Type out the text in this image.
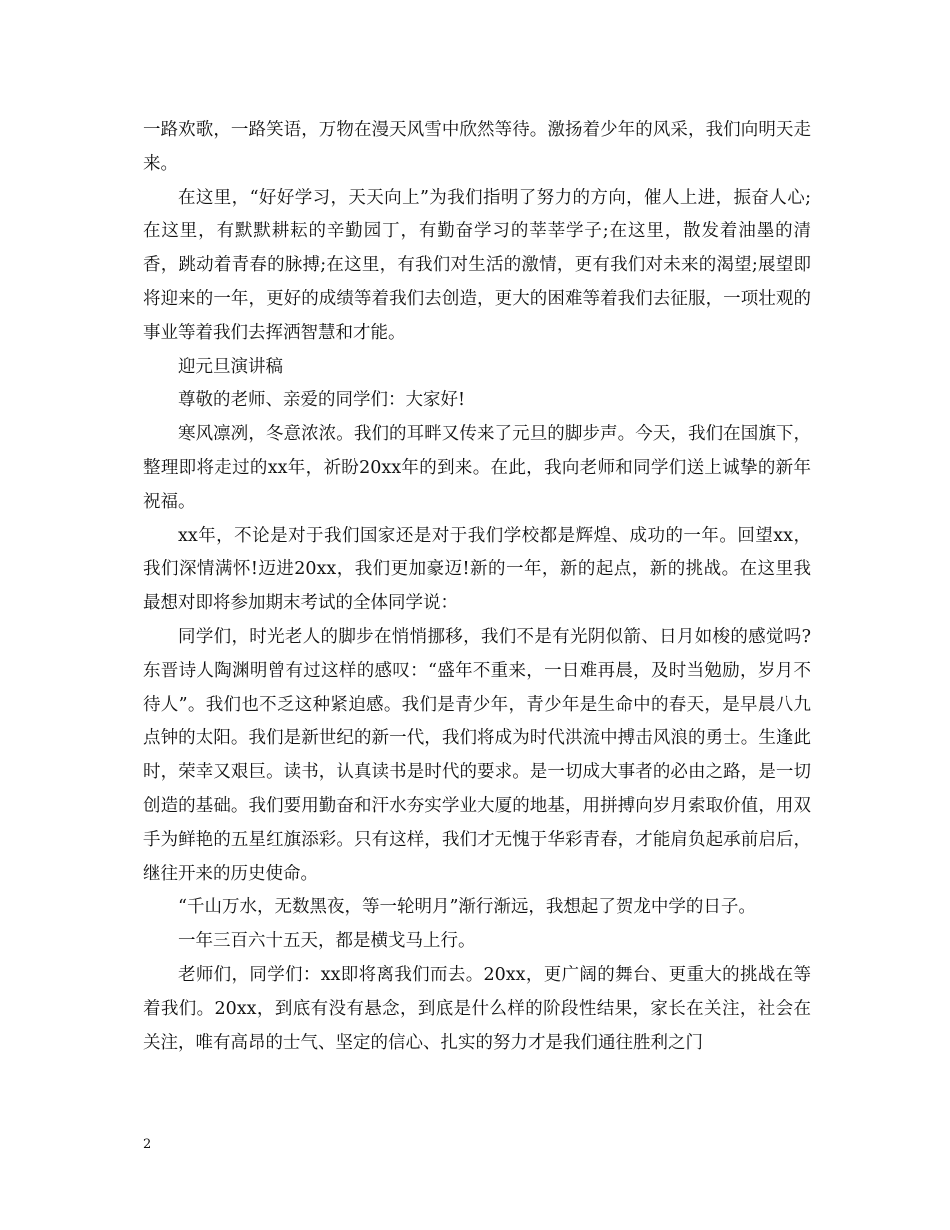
一路欢歌，一路笑语，万物在漫天风雪中欣然等待。激扬着少年的风采，我们向明天走来。

在这里，“好好学习，天天向上”为我们指明了努力的方向，催人上进，振奋人心;在这里，有默默耕耘的辛勤园丁，有勤奋学习的莘莘学子;在这里，散发着油墨的清香，跳动着青春的脉搏;在这里，有我们对生活的激情，更有我们对未来的渴望;展望即将迎来的一年，更好的成绩等着我们去创造，更大的困难等着我们去征服，一项壮观的事业等着我们去挥洒智慧和才能。

迎元旦演讲稿

尊敬的老师、亲爱的同学们：大家好!

寒风凛冽，冬意浓浓。我们的耳畔又传来了元旦的脚步声。今天，我们在国旗下，整理即将走过的xx年，祈盼20xx年的到来。在此，我向老师和同学们送上诚挚的新年祝福。

xx年，不论是对于我们国家还是对于我们学校都是辉煌、成功的一年。回望xx，我们深情满怀!迈进20xx，我们更加豪迈!新的一年，新的起点，新的挑战。在这里我最想对即将参加期末考试的全体同学说：

同学们，时光老人的脚步在悄悄挪移，我们不是有光阴似箭、日月如梭的感觉吗?东晋诗人陶渊明曾有过这样的感叹：“盛年不重来，一日难再晨，及时当勉励，岁月不待人”。我们也不乏这种紧迫感。我们是青少年，青少年是生命中的春天，是早晨八九点钟的太阳。我们是新世纪的新一代，我们将成为时代洪流中搏击风浪的勇士。生逢此时，荣幸又艰巨。读书，认真读书是时代的要求。是一切成大事者的必由之路，是一切创造的基础。我们要用勤奋和汗水夯实学业大厦的地基，用拼搏向岁月索取价值，用双手为鲜艳的五星红旗添彩。只有这样，我们才无愧于华彩青春，才能肩负起承前启后，继往开来的历史使命。

“千山万水，无数黑夜，等一轮明月”渐行渐远，我想起了贺龙中学的日子。

一年三百六十五天，都是横戈马上行。

老师们，同学们：xx即将离我们而去。20xx，更广阔的舞台、更重大的挑战在等着我们。20xx，到底有没有悬念，到底是什么样的阶段性结果，家长在关注，社会在关注，唯有高昂的士气、坚定的信心、扎实的努力才是我们通往胜利之门

2
